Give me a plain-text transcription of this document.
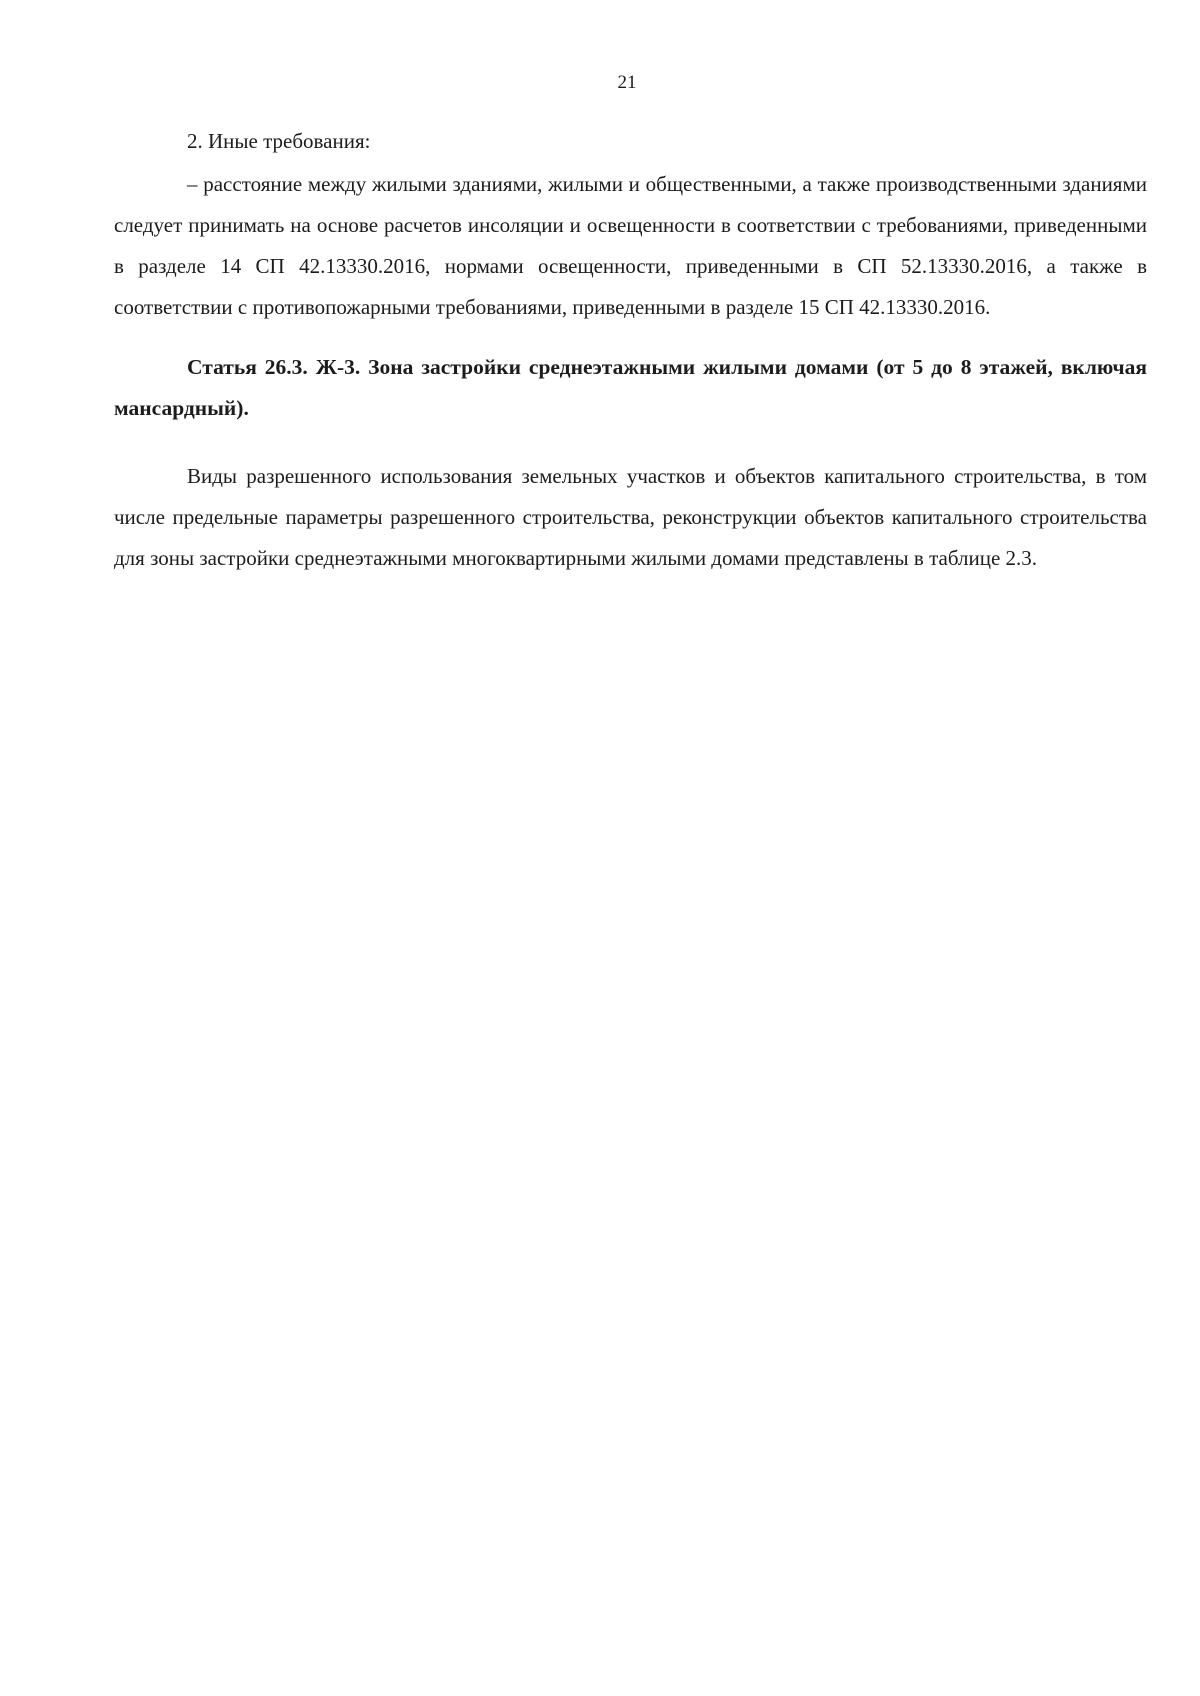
21

2. Иные требования:

– расстояние между жилыми зданиями, жилыми и общественными, а также производственными зданиями следует принимать на основе расчетов инсоляции и освещенности в соответствии с требованиями, приведенными в разделе 14 СП 42.13330.2016, нормами освещенности, приведенными в СП 52.13330.2016, а также в соответствии с противопожарными требованиями, приведенными в разделе 15 СП 42.13330.2016.

Статья 26.3. Ж-3. Зона застройки среднеэтажными жилыми домами (от 5 до 8 этажей, включая мансардный).

Виды разрешенного использования земельных участков и объектов капитального строительства, в том числе предельные параметры разрешенного строительства, реконструкции объектов капитального строительства для зоны застройки среднеэтажными многоквартирными жилыми домами представлены в таблице 2.3.
